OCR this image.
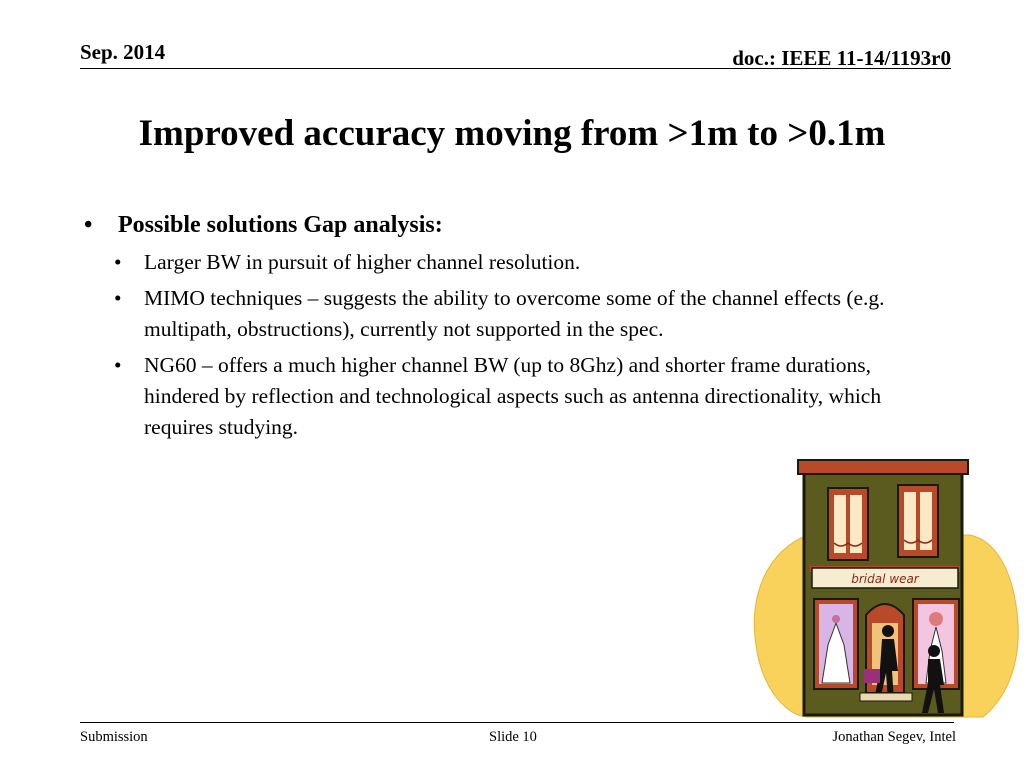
Sep. 2014	doc.: IEEE 11-14/1193r0
Improved accuracy moving from >1m to >0.1m
•	Possible solutions Gap analysis:
•	Larger BW in pursuit of higher channel resolution.
•	MIMO techniques – suggests the ability to overcome some of the channel effects (e.g. multipath, obstructions), currently not supported in the spec.
•	NG60 – offers a much higher channel BW (up to 8Ghz) and shorter frame durations, hindered by reflection and technological aspects such as antenna directionality, which requires studying.
bridal wear
Submission	Slide 10	Jonathan Segev, Intel
